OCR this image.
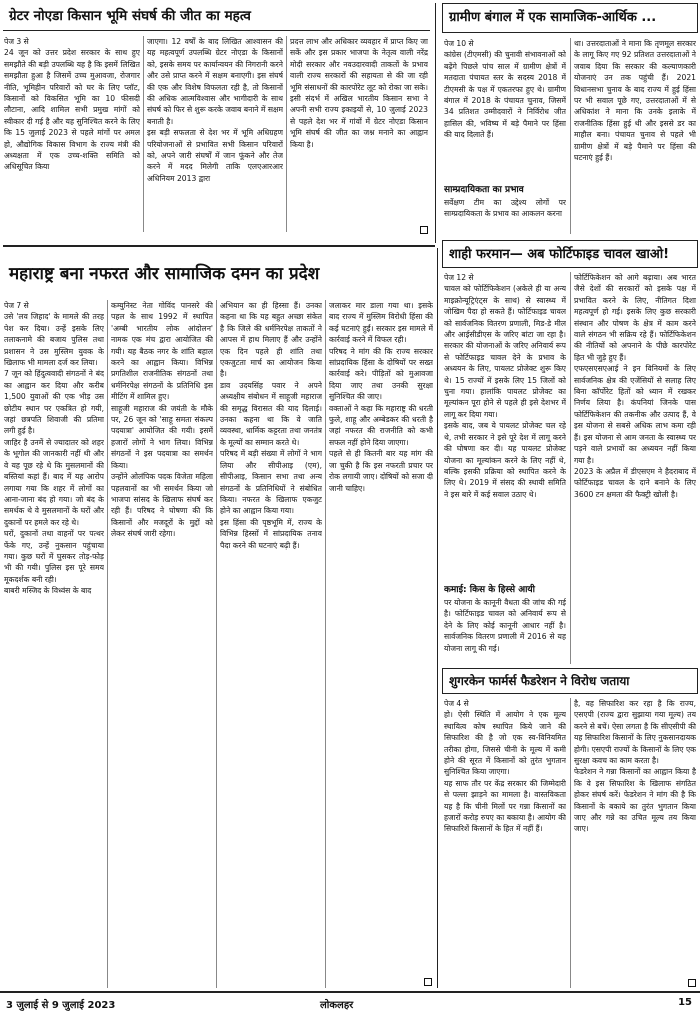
ग्रेटर नोएडा किसान भूमि संघर्ष की जीत का महत्व
पेज 3 से
24 जून को उत्तर प्रदेश सरकार के साथ हुए समझौते की बड़ी उपलब्धि यह है कि इसमें लिखित समझौता हुआ है जिसमें उच्च मुआवजा, रोजगार नीति, भूमिहीन परिवारों को घर के लिए प्लॉट, किसानों को विकसित भूमि का 10 फीसदी लौटाना, आदि शामिल सभी प्रमुख मांगों को स्वीकार दी गई है और यह सुनिश्चित करने के लिए कि 15 जुलाई 2023 से पहले मांगों पर अमल हो, औद्योगिक विकास विभाग के राज्य मंत्री की अध्यक्षता में एक उच्च-शक्ति समिति को अधिसूचित किया
जाएगा। 12 वर्षों के बाद लिखित आश्वासन की यह महत्वपूर्ण उपलब्धि ग्रेटर नोएडा के किसानों को, इसके समय पर कार्यान्वयन की निगरानी करने और उसे प्राप्त करने में सक्षम बनाएगी। इस संघर्ष की एक और विशेष विफलता रही है, तो किसानों की अधिक आत्मविश्वास और भागीदारी के साथ संघर्ष को फिर से शुरू करके जवाब बनाने में सक्षम बनाती है।
इस बड़ी सफलता से देश भर में भूमि अधिग्रहण परियोजनाओं से प्रभावित सभी किसान परिवारों को, अपने जारी संघर्षों में जान फूंकने और तेज करने में मदद मिलेगी ताकि एलएआरआर अधिनियम 2013 द्वारा
प्रदत्त लाभ और अधिकार व्यवहार में प्राप्त किए जा सकें और इस प्रकार भाजपा के नेतृत्व वाली नरेंद्र मोदी सरकार और नवउदारवादी ताकतों के प्रभाव वाली राज्य सरकारों की सहायता से की जा रही भूमि संसाधनों की कारपोरेट लूट को रोका जा सके। इसी संदर्भ में अखिल भारतीय किसान सभा ने अपनी सभी राज्य इकाइयों से, 10 जुलाई 2023 से पहले देश भर में गांवों में ग्रेटर नोएडा किसान भूमि संघर्ष की जीत का जश्न मनाने का आह्वान किया है।
ग्रामीण बंगाल में एक सामाजिक-आर्थिक ...

पेज 10 से
कांग्रेस (टीएमसी) की चुनावी संभावनाओं को बढ़ेंगे पिछले पांच साल में ग्रामीण क्षेत्रों में मतदाता पंचायत स्तर के सदस्य 2018 में टीएमसी के पक्ष में एकतरफा हुए थे। ग्रामीण बंगाल में 2018 के पंचायत चुनाव, जिसमें 34 प्रतिशत उम्मीदवारों ने निर्विरोध जीत हासिल की, भविष्य में बड़े पैमाने पर हिंसा की याद दिलाते हैं।

साम्प्रदायिकता का प्रभाव

सर्वेक्षण टीम का उद्देश्य लोगों पर साम्प्रदायिकता के प्रभाव का आकलन करना

था। उत्तरदाताओं ने माना कि तृणमूल सरकार के लागू किए गए 92 प्रतिशत उत्तरदाताओं ने जवाब दिया कि सरकार की कल्याणकारी योजनाएं उन तक पहुंची हैं। 2021 विधानसभा चुनाव के बाद राज्य में हुई हिंसा पर भी सवाल पूछे गए, उत्तरदाताओं में से अधिकांश ने माना कि उनके इलाके में राजनीतिक हिंसा हुई थी और इससे डर का माहौल बना। पंचायत चुनाव से पहले भी ग्रामीण क्षेत्रों में बड़े पैमाने पर हिंसा की घटनाएं हुई हैं।
शाही फरमान— अब फोर्टिफाइड चावल खाओ!

पेज 12 से
चावल को फोर्टिफिकेशन (अकेले ही या अन्य माइक्रोन्यूट्रिएंट्स के साथ) से स्वास्थ्य में जोखिम पैदा हो सकते हैं। फोर्टिफाइड चावल को सार्वजनिक वितरण प्रणाली, मिड-डे मील और आईसीडीएस के जरिए बांटा जा रहा है। सरकार की योजनाओं के जरिए अनिवार्य रूप से फोर्टिफाइड चावल देने के प्रभाव के अध्ययन के लिए, पायलट प्रोजेक्ट शुरू किए थे। 15 राज्यों में इसके लिए 15 जिलों को चुना गया। हालांकि पायलट प्रोजेक्ट का मूल्यांकन पूरा होने से पहले ही इसे देशभर में लागू कर दिया गया।
इसके बाद, जब ये पायलट प्रोजेक्ट चल रहे थे, तभी सरकार ने इसे पूरे देश में लागू करने की घोषणा कर दी। यह पायलट प्रोजेक्ट योजना का मूल्यांकन करने के लिए नहीं थे, बल्कि इसकी प्रक्रिया को स्थापित करने के लिए थे। 2019 में संसद की स्थायी समिति ने इस बारे में कई सवाल उठाए थे।

कमाई: किस के हिस्से आयी

पर योजना के कानूनी वैधता की जांच की गई है। फोर्टिफाइड चावल को अनिवार्य रूप से देने के लिए कोई कानूनी आधार नहीं है। सार्वजनिक वितरण प्रणाली में 2016 से यह योजना लागू की गई।

फोर्टिफिकेशन को आगे बढ़ाया। अब भारत जैसे देशों की सरकारों को इसके पक्ष में प्रभावित करने के लिए, नीतिगत दिशा महत्वपूर्ण हो गई। इसके लिए कुछ सरकारी संस्थान और पोषण के क्षेत्र में काम करने वाले संगठन भी सक्रिय रहे हैं। फोर्टिफिकेशन की नीतियों को अपनाने के पीछे कारपोरेट हित भी जुड़े हुए हैं।
एफएसएसएआई ने इन विनियमों के लिए सार्वजनिक क्षेत्र की एजेंसियों से सलाह लिए बिना कॉर्पोरेट हितों को ध्यान में रखकर निर्णय लिया है। कंपनियां जिनके पास फोर्टिफिकेशन की तकनीक और उत्पाद हैं, वे इस योजना से सबसे अधिक लाभ कमा रही हैं। इस योजना से आम जनता के स्वास्थ्य पर पड़ने वाले प्रभावों का अध्ययन नहीं किया गया है।
2023 के अप्रैल में डीएसएम ने हैदराबाद में फोर्टिफाइड चावल के दाने बनाने के लिए 3600 टन क्षमता की फैक्ट्री खोली है।
महाराष्ट्र बना नफरत और सामाजिक दमन का प्रदेश
पेज 7 से
उसे 'लव जिहाद' के मामले की तरह पेश कर दिया। उन्हें इसके लिए तलाकनामे की बजाय पुलिस तथा प्रशासन ने उस मुस्लिम युवक के खिलाफ भी मामला दर्ज कर लिया।
7 जून को हिंदुत्ववादी संगठनों ने बंद का आह्वान कर दिया और करीब 1,500 युवाओं की एक भीड़ उस छोटीय स्थान पर एकत्रित हो गयी, जहां छत्रपति शिवाजी की प्रतिमा लगी हुई है।
जाहिर है उनमें से ज्यादातर को शहर के भूगोल की जानकारी नहीं थी और वे यह पूछ रहे थे कि मुसलमानों की बस्तियां कहां हैं। बाद में यह आरोप लगाया गया कि शहर में लोगों का आना-जाना बंद हो गया। जो बंद के समर्थक थे वे मुसलमानों के घरों और दुकानों पर हमले कर रहे थे।
घरों, दुकानों तथा वाहनों पर पत्थर फेंके गए, उन्हें नुकसान पहुंचाया गया। कुछ घरों में घुसकर तोड़-फोड़ भी की गयी। पुलिस इस पूरे समय मूकदर्शक बनी रही।
बाबरी मस्जिद के विध्वंस के बाद
कम्युनिस्ट नेता गोविंद पानसरे की पहल के साथ 1992 में स्थापित 'अम्बी भारतीय लोक आंदोलन' नामक एक मंच द्वारा आयोजित की गयी। यह बैठक नगर के शांति बहाल करने का आह्वान किया। विभिन्न प्रगतिशील राजनीतिक संगठनों तथा धर्मनिरपेक्ष संगठनों के प्रतिनिधि इस मीटिंग में शामिल हुए।
साहूजी महाराज की जयंती के मौके पर, 26 जून को 'साहू समता संकल्प पदयात्रा' आयोजित की गयी। इसमें हजारों लोगों ने भाग लिया। विभिन्न संगठनों ने इस पदयात्रा का समर्थन किया।
उन्होंने ओलंपिक पदक विजेता महिला पहलवानों का भी समर्थन किया जो भाजपा सांसद के खिलाफ संघर्ष कर रही हैं। परिषद ने घोषणा की कि किसानों और मजदूरों के मुद्दों को लेकर संघर्ष जारी रहेगा।
अभियान का ही हिस्सा हैं। उनका कहना था कि यह बहुत अच्छा संकेत है कि जिले की धर्मनिरपेक्ष ताकतों ने आपस में हाथ मिलाए हैं और उन्होंने एक दिन पहले ही शांति तथा एकजुटता मार्च का आयोजन किया है।
डाव उदयसिंह पवार ने अपने अध्यक्षीय संबोधन में साहूजी महाराज की समृद्ध विरासत की याद दिलाई। उनका कहना था कि वे जाति व्यवस्था, धार्मिक कट्टरता तथा जनतंत्र के मूल्यों का सम्मान करते थे।
परिषद में बड़ी संख्या में लोगों ने भाग लिया और सीपीआइ (एम), सीपीआइ, किसान सभा तथा अन्य संगठनों के प्रतिनिधियों ने संबोधित किया। नफरत के खिलाफ एकजुट होने का आह्वान किया गया।
इस हिंसा की पृष्ठभूमि में, राज्य के विभिन्न हिस्सों में सांप्रदायिक तनाव पैदा करने की घटनाएं बढ़ी हैं।
जलाकर मार डाला गया था। इसके बाद राज्य में मुस्लिम विरोधी हिंसा की कई घटनाएं हुईं। सरकार इस मामले में कार्रवाई करने में विफल रही।
परिषद ने मांग की कि राज्य सरकार सांप्रदायिक हिंसा के दोषियों पर सख्त कार्रवाई करे। पीड़ितों को मुआवजा दिया जाए तथा उनकी सुरक्षा सुनिश्चित की जाए।
वक्ताओं ने कहा कि महाराष्ट्र की धरती फुले, शाहू और अम्बेडकर की धरती है जहां नफरत की राजनीति को कभी सफल नहीं होने दिया जाएगा।
पहले से ही कितनी बार यह मांग की जा चुकी है कि इस नफरती प्रचार पर रोक लगायी जाए। दोषियों को सजा दी जानी चाहिए।
शुगरकेन फार्मर्स फैडरेशन ने विरोध जताया
पेज 4 से
हो। ऐसी स्थिति में आयोग ने एक मूल्य स्थायित्व कोष स्थापित किये जाने की सिफारिश की है जो एक स्व-विनियमित तरीका होगा, जिससे चीनी के मूल्य में कमी होने की सूरत में किसानों को तुरंत भुगतान सुनिश्चित किया जाएगा।
यह साफ तौर पर केंद्र सरकार की जिम्मेदारी से पल्ला झाड़ने का मामला है। वास्तविकता यह है कि चीनी मिलों पर गन्ना किसानों का हजारों करोड़ रुपए का बकाया है। आयोग की सिफारिशें किसानों के हित में नहीं हैं।
है, वह सिफारिश कर रहा है कि राज्य, एसएपी (राज्य द्वारा सुझाया गया मूल्य) तय करने से बचें। ऐसा लगता है कि सीएसीपी की यह सिफारिश किसानों के लिए नुकसानदायक होगी। एसएपी राज्यों के किसानों के लिए एक सुरक्षा कवच का काम करता है।
फेडरेशन ने गन्ना किसानों का आह्वान किया है कि वे इस सिफारिश के खिलाफ संगठित होकर संघर्ष करें। फेडरेशन ने मांग की है कि किसानों के बकाये का तुरंत भुगतान किया जाए और गन्ने का उचित मूल्य तय किया जाए।
3 जुलाई से 9 जुलाई 2023	लोकलहर	15
